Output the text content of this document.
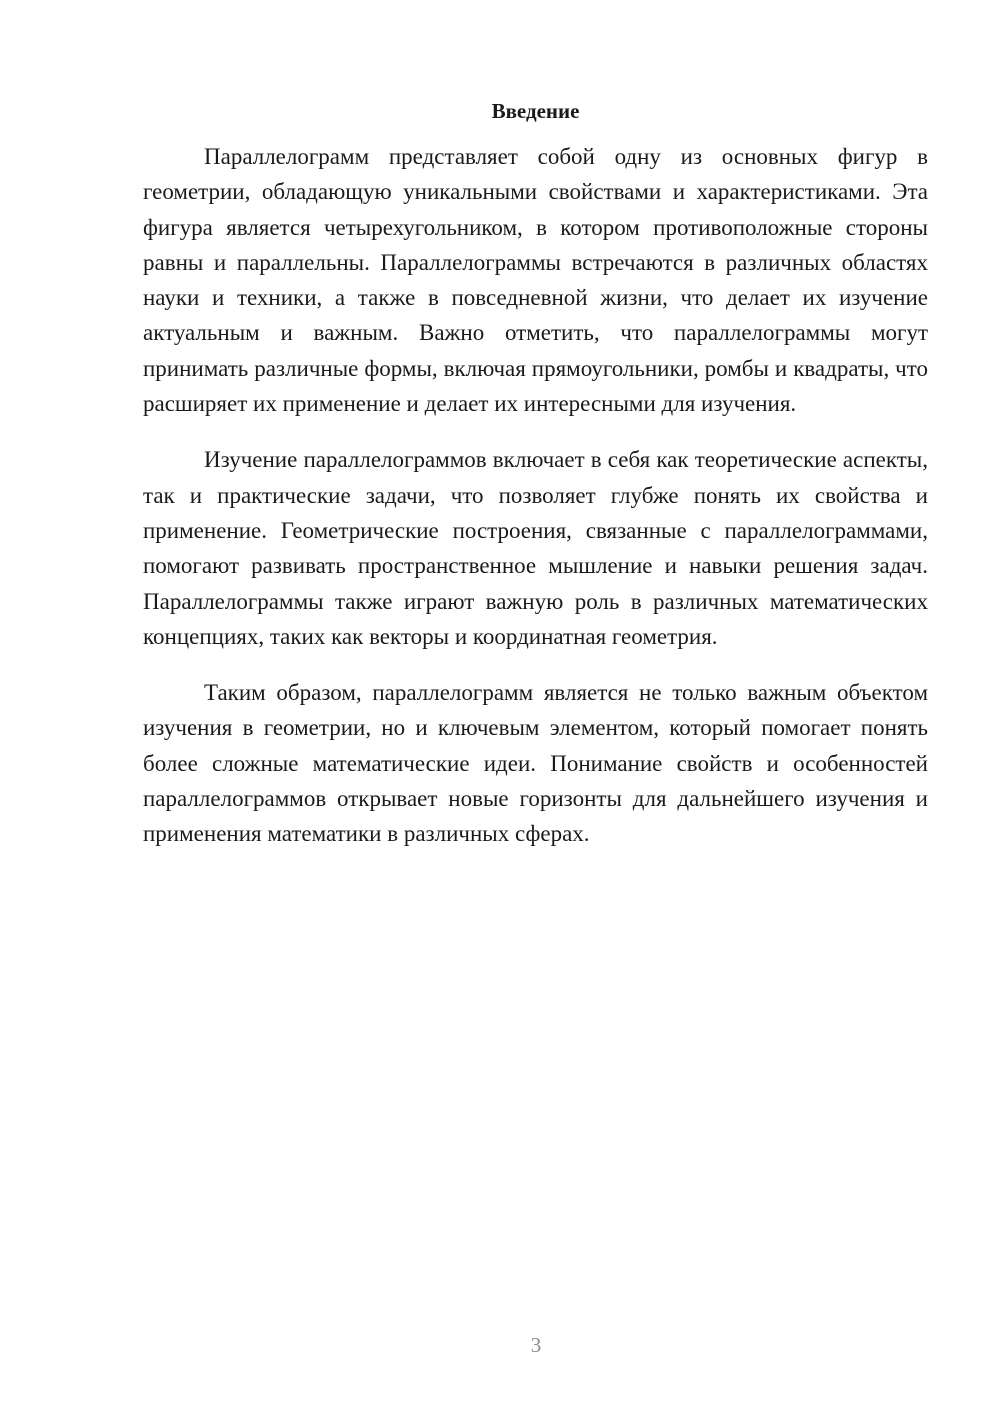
Введение

Параллелограмм представляет собой одну из основных фигур в геометрии, обладающую уникальными свойствами и характеристиками. Эта фигура является четырехугольником, в котором противоположные стороны равны и параллельны. Параллелограммы встречаются в различных областях науки и техники, а также в повседневной жизни, что делает их изучение актуальным и важным. Важно отметить, что параллелограммы могут принимать различные формы, включая прямоугольники, ромбы и квадраты, что расширяет их применение и делает их интересными для изучения.

Изучение параллелограммов включает в себя как теоретические аспекты, так и практические задачи, что позволяет глубже понять их свойства и применение. Геометрические построения, связанные с параллелограммами, помогают развивать пространственное мышление и навыки решения задач. Параллелограммы также играют важную роль в различных математических концепциях, таких как векторы и координатная геометрия.

Таким образом, параллелограмм является не только важным объектом изучения в геометрии, но и ключевым элементом, который помогает понять более сложные математические идеи. Понимание свойств и особенностей параллелограммов открывает новые горизонты для дальнейшего изучения и применения математики в различных сферах.

3
